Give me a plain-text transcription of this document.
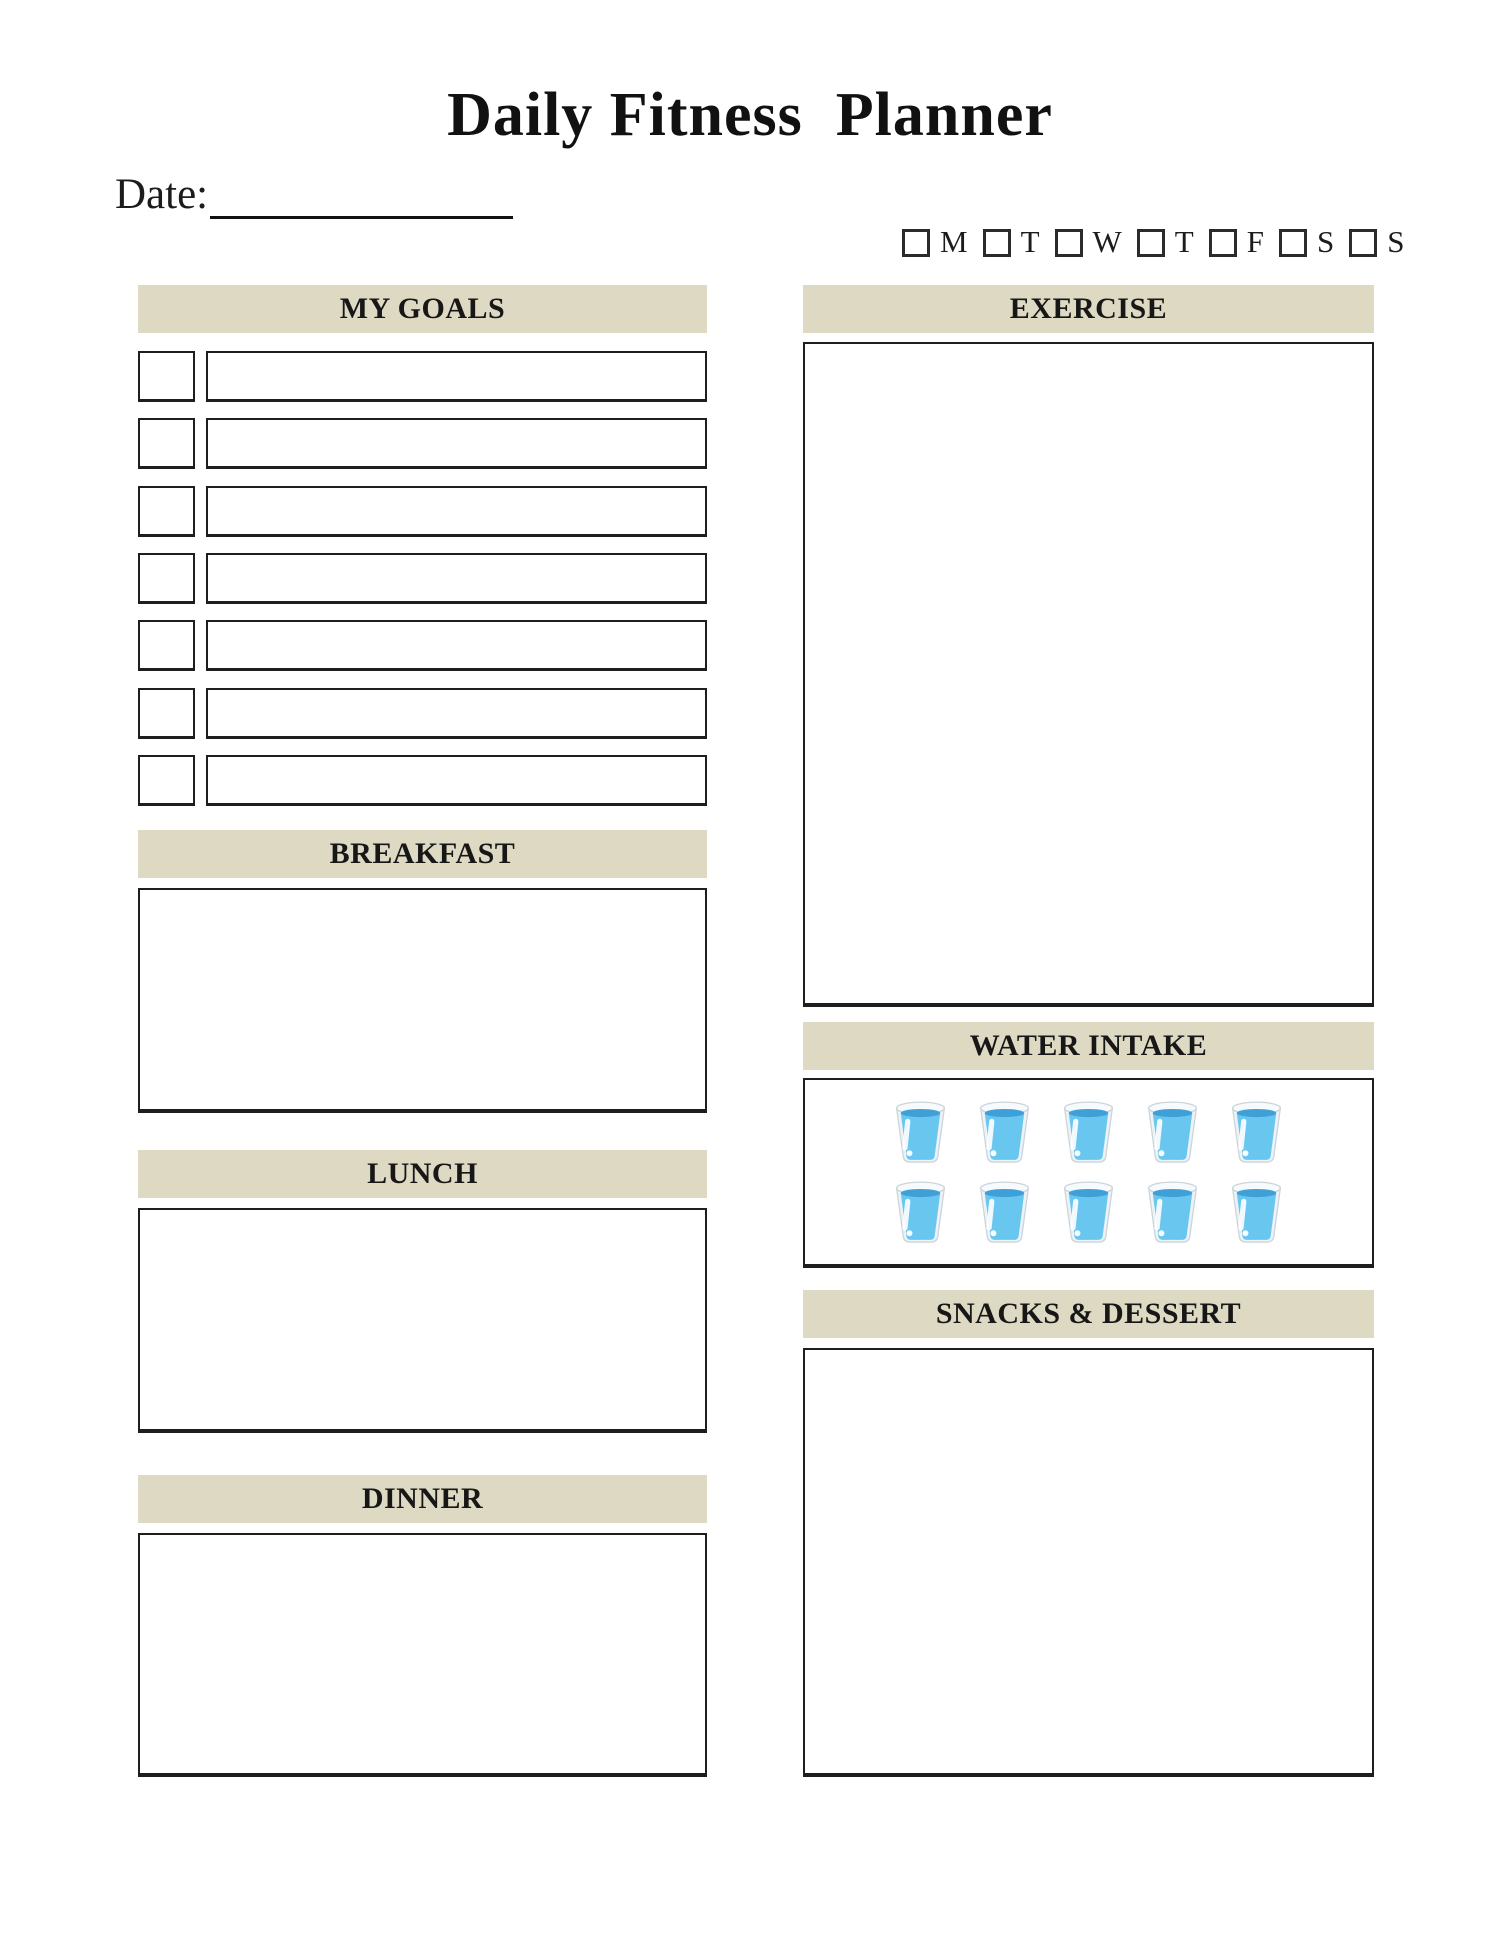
Daily Fitness  Planner
Date:
M T W T F S S
MY GOALS
BREAKFAST
LUNCH
DINNER
EXERCISE
WATER INTAKE
SNACKS & DESSERT
